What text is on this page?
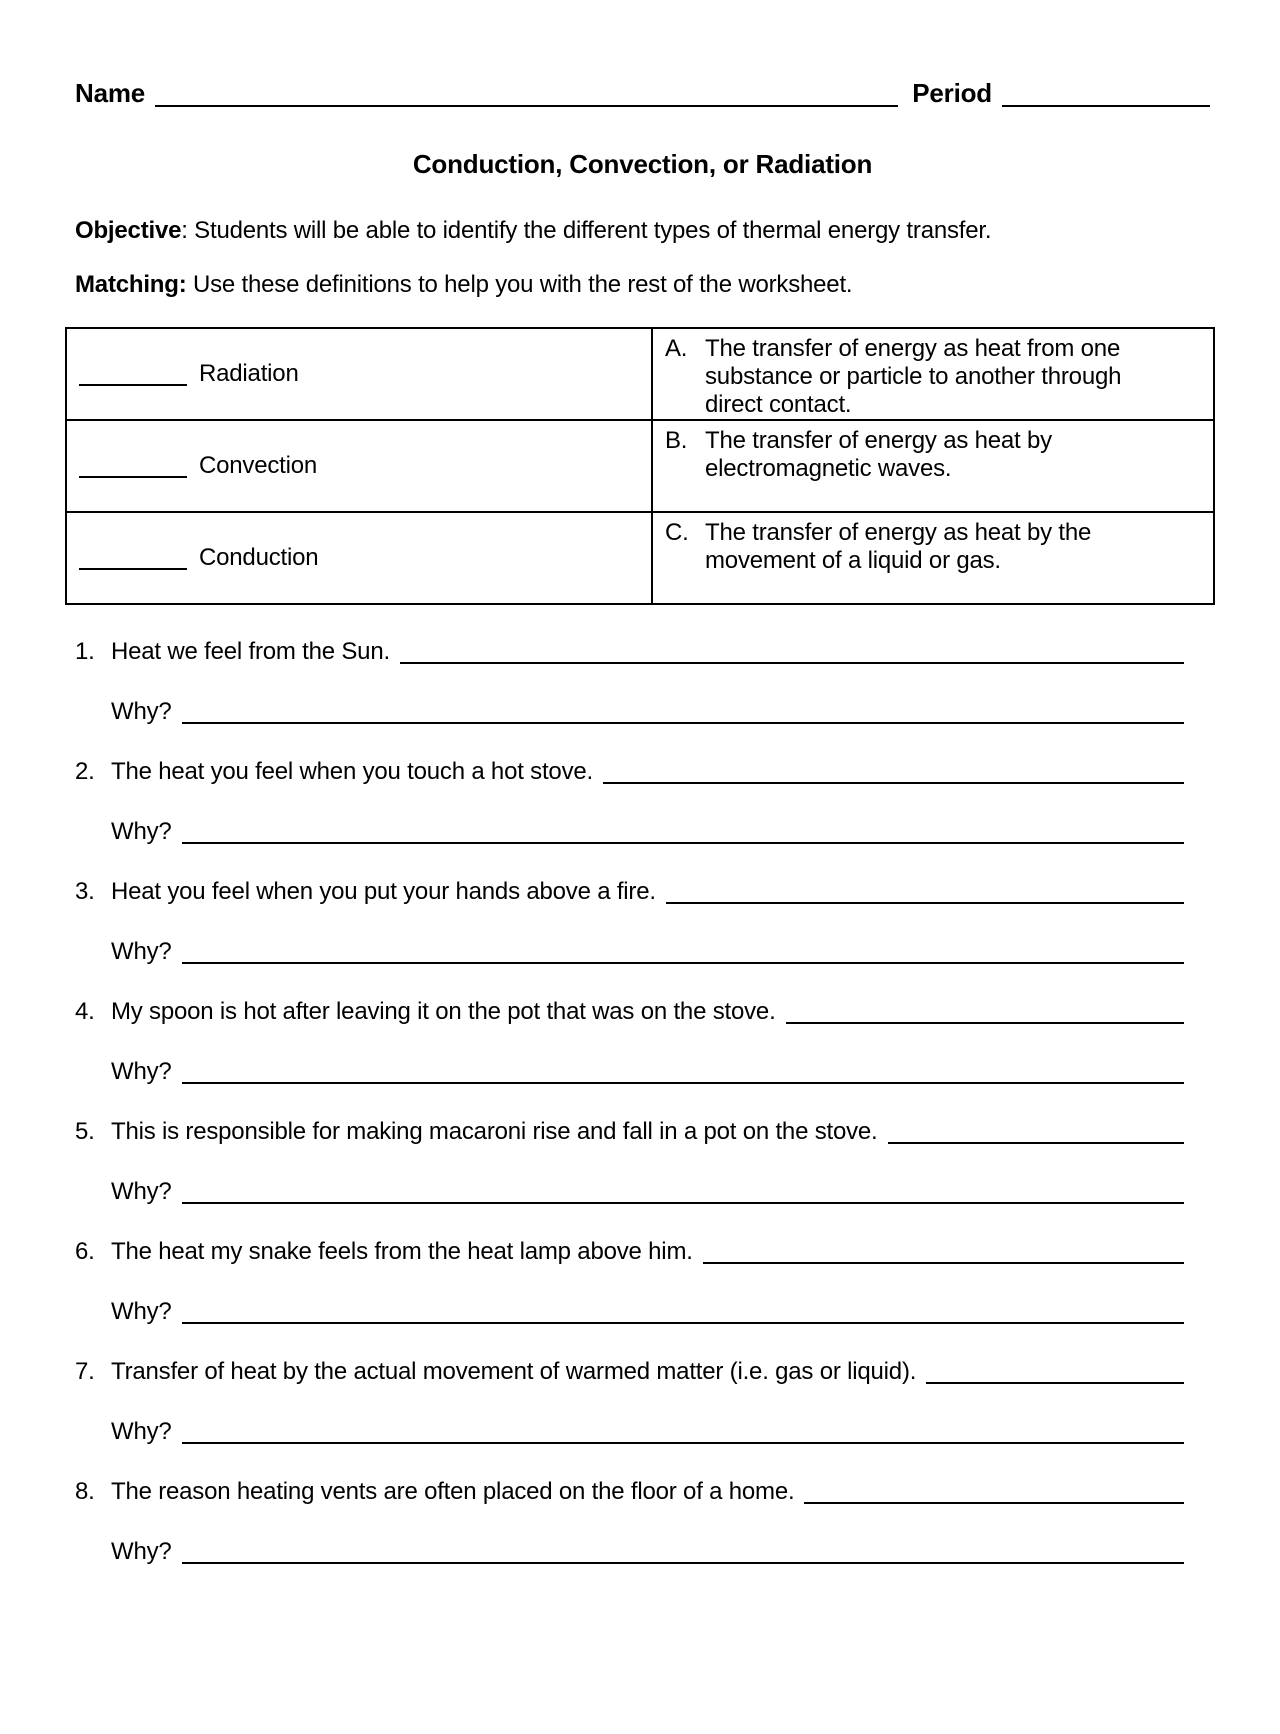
Name	Period
Conduction, Convection, or Radiation

Objective: Students will be able to identify the different types of thermal energy transfer.

Matching: Use these definitions to help you with the rest of the worksheet.

Radiation
A. The transfer of energy as heat from one substance or particle to another through direct contact.
Convection
B. The transfer of energy as heat by electromagnetic waves.
Conduction
C. The transfer of energy as heat by the movement of a liquid or gas.
1. Heat we feel from the Sun.
Why?
2. The heat you feel when you touch a hot stove.
Why?
3. Heat you feel when you put your hands above a fire.
Why?
4. My spoon is hot after leaving it on the pot that was on the stove.
Why?
5. This is responsible for making macaroni rise and fall in a pot on the stove.
Why?
6. The heat my snake feels from the heat lamp above him.
Why?
7. Transfer of heat by the actual movement of warmed matter (i.e. gas or liquid).
Why?
8. The reason heating vents are often placed on the floor of a home.
Why?
